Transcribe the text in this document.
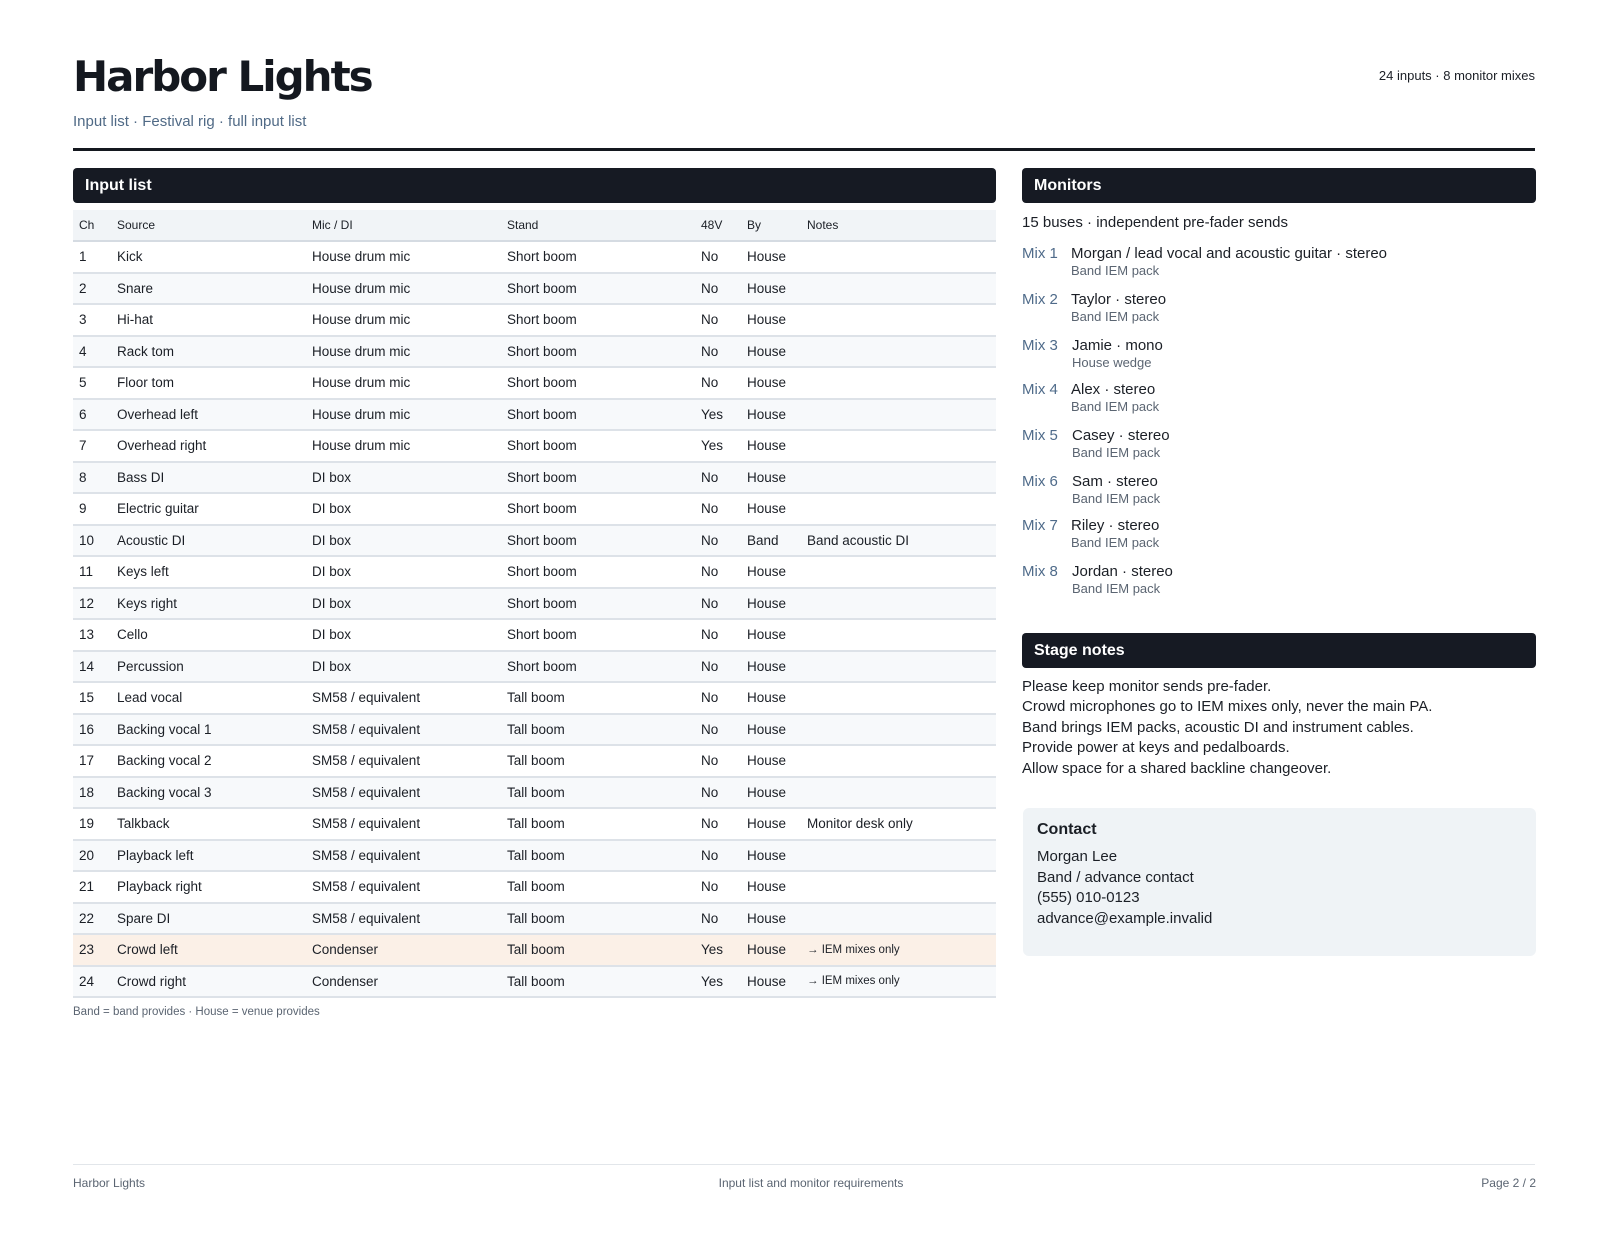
Harbor Lights
Input list · Festival rig · full input list
24 inputs · 8 monitor mixes
Input list
Ch	Source	Mic / DI	Stand	48V	By	Notes
1	Kick	House drum mic	Short boom	No	House	
2	Snare	House drum mic	Short boom	No	House	
3	Hi-hat	House drum mic	Short boom	No	House	
4	Rack tom	House drum mic	Short boom	No	House	
5	Floor tom	House drum mic	Short boom	No	House	
6	Overhead left	House drum mic	Short boom	Yes	House	
7	Overhead right	House drum mic	Short boom	Yes	House	
8	Bass DI	DI box	Short boom	No	House	
9	Electric guitar	DI box	Short boom	No	House	
10	Acoustic DI	DI box	Short boom	No	Band	Band acoustic DI
11	Keys left	DI box	Short boom	No	House	
12	Keys right	DI box	Short boom	No	House	
13	Cello	DI box	Short boom	No	House	
14	Percussion	DI box	Short boom	No	House	
15	Lead vocal	SM58 / equivalent	Tall boom	No	House	
16	Backing vocal 1	SM58 / equivalent	Tall boom	No	House	
17	Backing vocal 2	SM58 / equivalent	Tall boom	No	House	
18	Backing vocal 3	SM58 / equivalent	Tall boom	No	House	
19	Talkback	SM58 / equivalent	Tall boom	No	House	Monitor desk only
20	Playback left	SM58 / equivalent	Tall boom	No	House	
21	Playback right	SM58 / equivalent	Tall boom	No	House	
22	Spare DI	SM58 / equivalent	Tall boom	No	House	
23	Crowd left	Condenser	Tall boom	Yes	House	→ IEM mixes only
24	Crowd right	Condenser	Tall boom	Yes	House	→ IEM mixes only
Band = band provides · House = venue provides
Monitors
15 buses · independent pre-fader sends
Mix 1 Morgan / lead vocal and acoustic guitar · stereo
Band IEM pack
Mix 2 Taylor · stereo
Band IEM pack
Mix 3 Jamie · mono
House wedge
Mix 4 Alex · stereo
Band IEM pack
Mix 5 Casey · stereo
Band IEM pack
Mix 6 Sam · stereo
Band IEM pack
Mix 7 Riley · stereo
Band IEM pack
Mix 8 Jordan · stereo
Band IEM pack
Stage notes
Please keep monitor sends pre-fader.
Crowd microphones go to IEM mixes only, never the main PA.
Band brings IEM packs, acoustic DI and instrument cables.
Provide power at keys and pedalboards.
Allow space for a shared backline changeover.
Contact
Morgan Lee
Band / advance contact
(555) 010-0123
advance@example.invalid
Harbor Lights	Input list and monitor requirements	Page 2 / 2
